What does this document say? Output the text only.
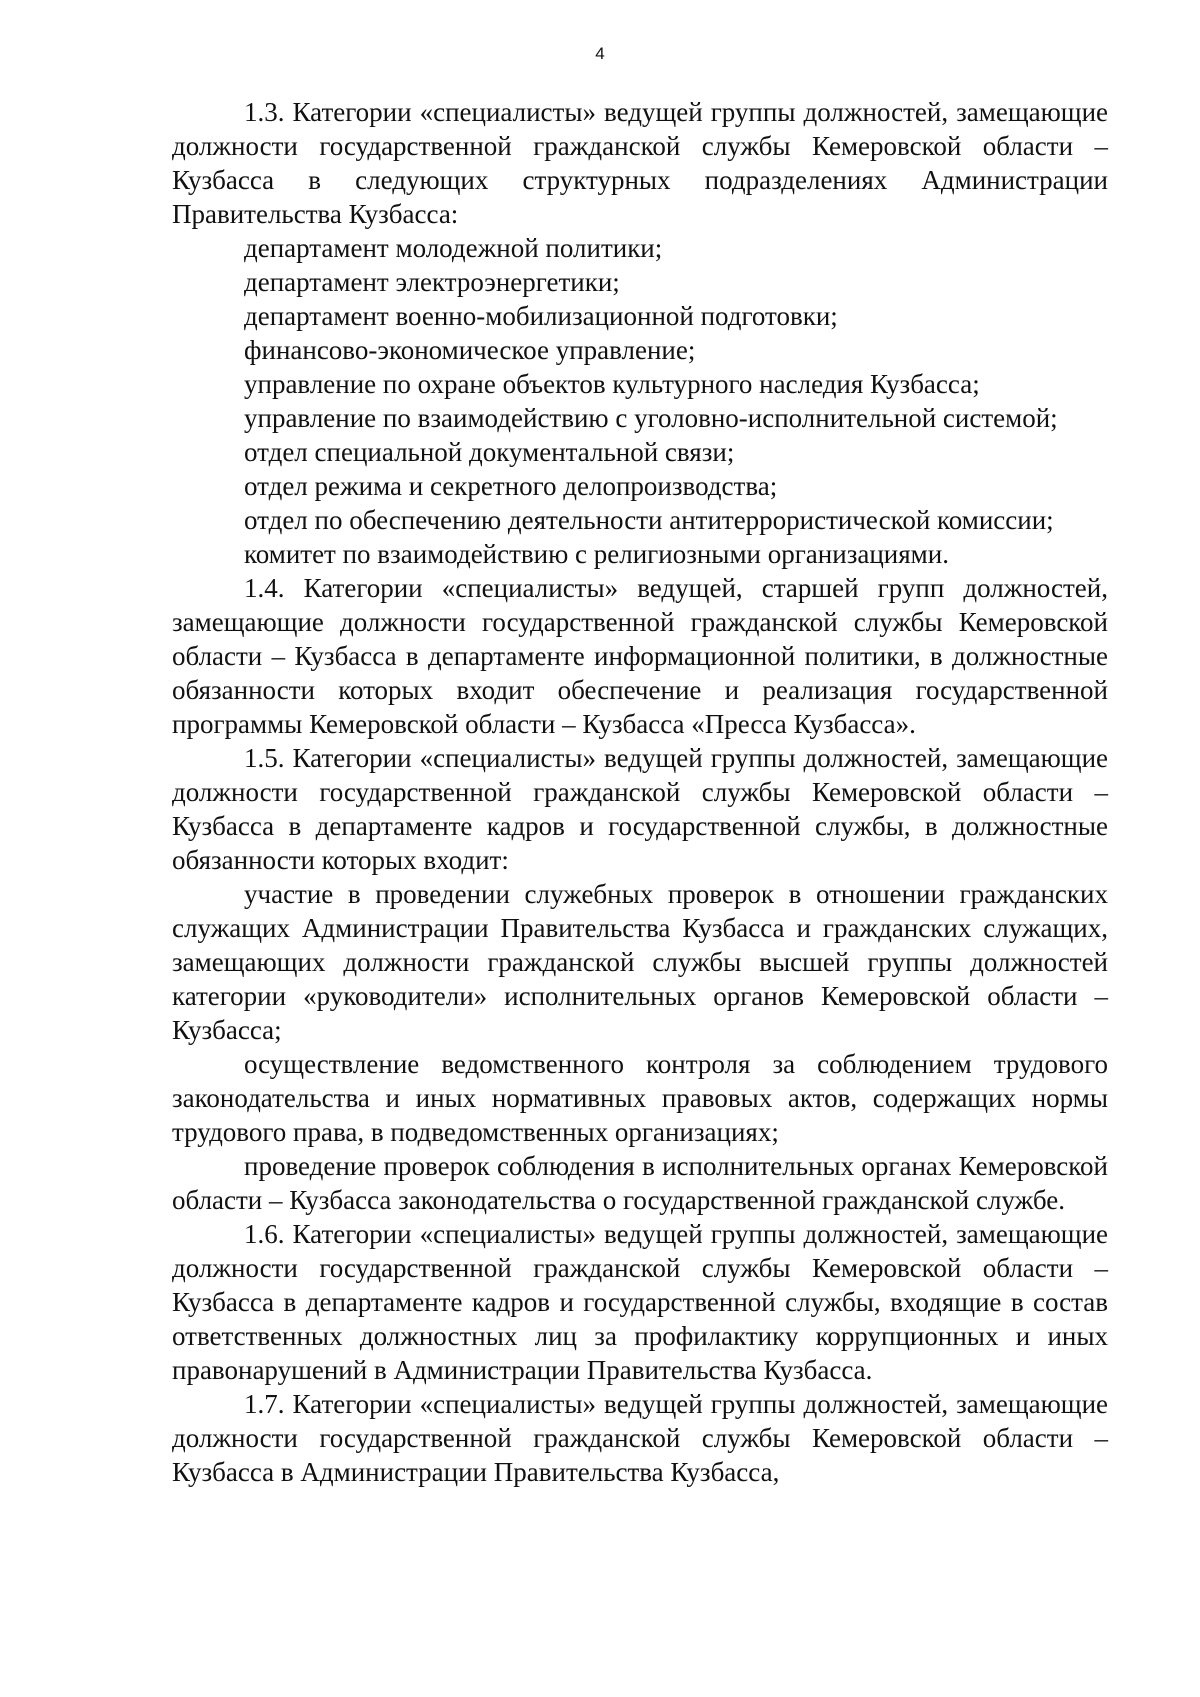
4

1.3. Категории «специалисты» ведущей группы должностей, замещающие должности государственной гражданской службы Кемеровской области – Кузбасса в следующих структурных подразделениях Администрации Правительства Кузбасса:

департамент молодежной политики;

департамент электроэнергетики;

департамент военно-мобилизационной подготовки;

финансово-экономическое управление;

управление по охране объектов культурного наследия Кузбасса;

управление по взаимодействию с уголовно-исполнительной системой;

отдел специальной документальной связи;

отдел режима и секретного делопроизводства;

отдел по обеспечению деятельности антитеррористической комиссии;

комитет по взаимодействию с религиозными организациями.

1.4. Категории «специалисты» ведущей, старшей групп должностей, замещающие должности государственной гражданской службы Кемеровской области – Кузбасса в департаменте информационной политики, в должностные обязанности которых входит обеспечение и реализация государственной программы Кемеровской области – Кузбасса «Пресса Кузбасса».

1.5. Категории «специалисты» ведущей группы должностей, замещающие должности государственной гражданской службы Кемеровской области – Кузбасса в департаменте кадров и государственной службы, в должностные обязанности которых входит:

участие в проведении служебных проверок в отношении гражданских служащих Администрации Правительства Кузбасса и гражданских служащих, замещающих должности гражданской службы высшей группы должностей категории «руководители» исполнительных органов Кемеровской области – Кузбасса;

осуществление ведомственного контроля за соблюдением трудового законодательства и иных нормативных правовых актов, содержащих нормы трудового права, в подведомственных организациях;

проведение проверок соблюдения в исполнительных органах Кемеровской области – Кузбасса законодательства о государственной гражданской службе.

1.6. Категории «специалисты» ведущей группы должностей, замещающие должности государственной гражданской службы Кемеровской области – Кузбасса в департаменте кадров и государственной службы, входящие в состав ответственных должностных лиц за профилактику коррупционных и иных правонарушений в Администрации Правительства Кузбасса.

1.7. Категории «специалисты» ведущей группы должностей, замещающие должности государственной гражданской службы Кемеровской области – Кузбасса в Администрации Правительства Кузбасса,
